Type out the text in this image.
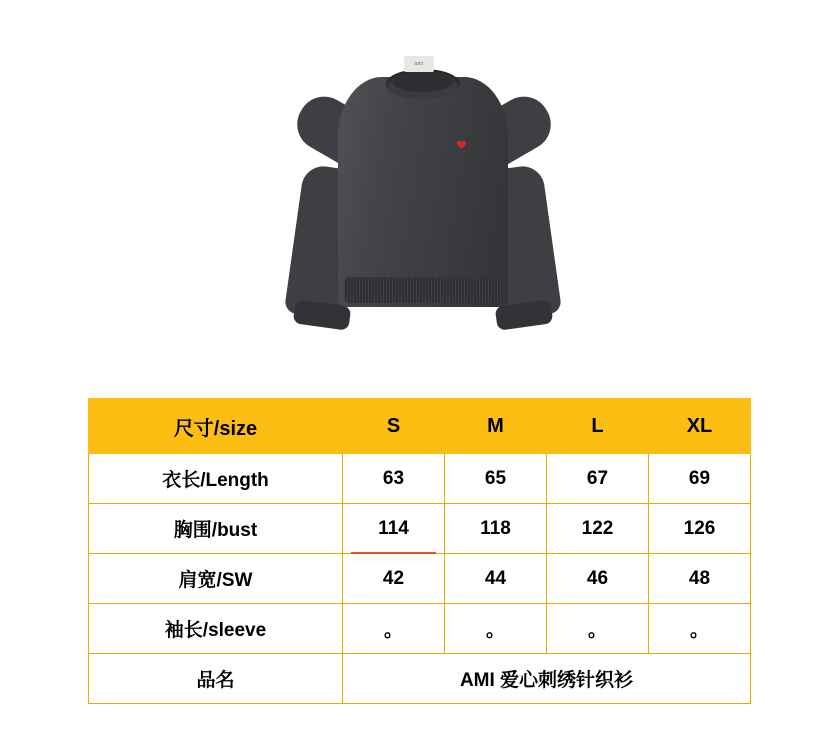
ami
尺寸/size	S	M	L	XL
衣长/Length	63	65	67	69
胸围/bust	114	118	122	126
肩宽/SW	42	44	46	48
袖长/sleeve	。	。	。	。
品名	AMI 爱心刺绣针织衫			
